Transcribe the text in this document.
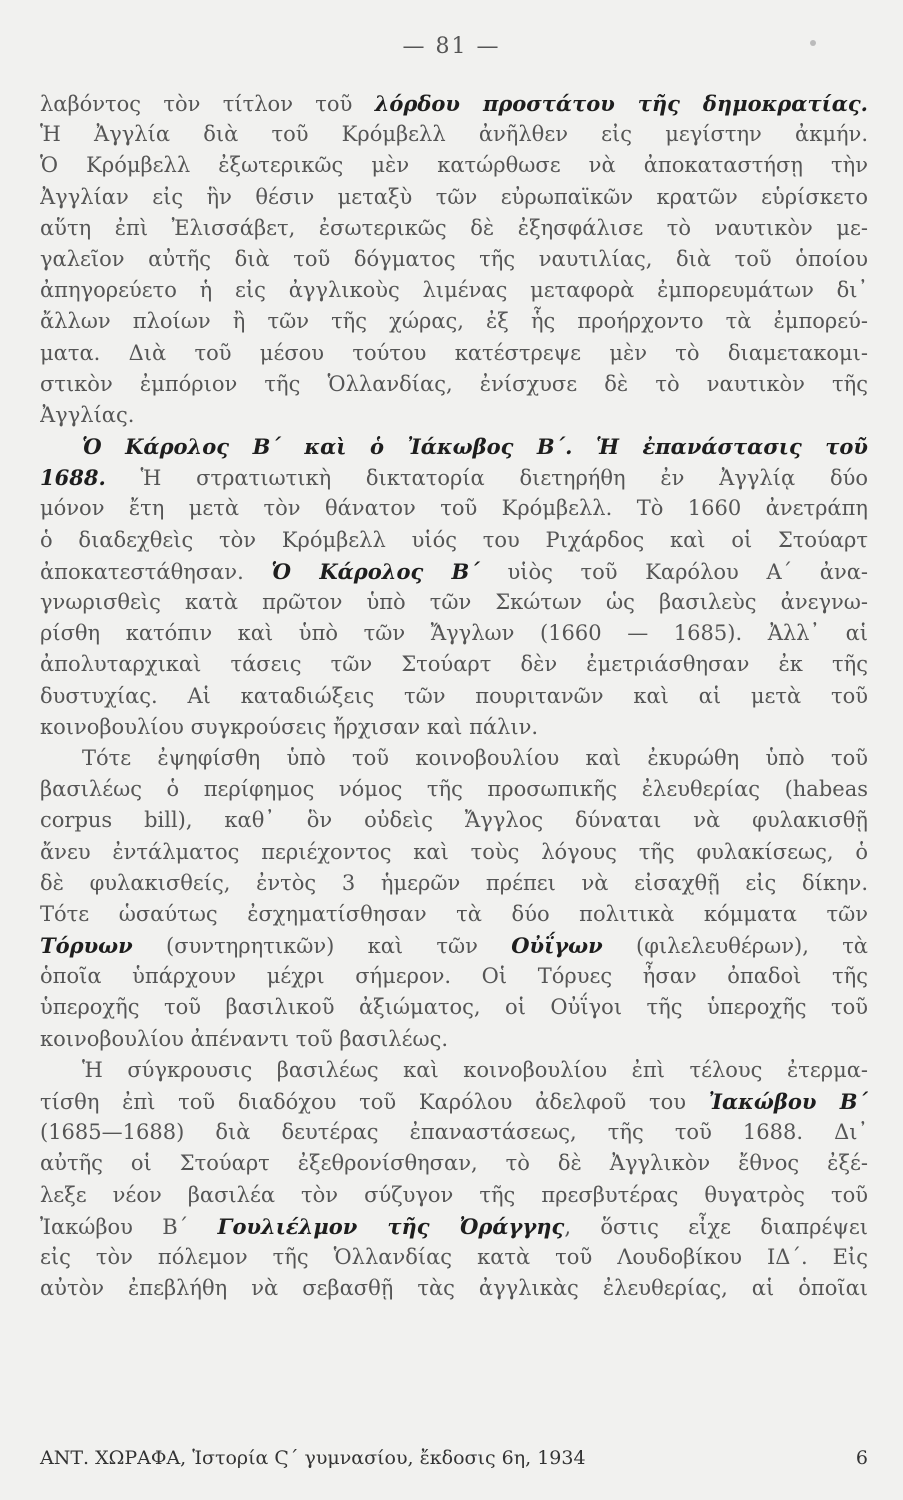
— 81 —
λαβόντος τὸν τίτλον τοῦ λόρδου προστάτου τῆς δημοκρατίας.
Ἡ Ἀγγλία διὰ τοῦ Κρόμβελλ ἀνῆλθεν εἰς μεγίστην ἀκμήν.
Ὁ Κρόμβελλ ἐξωτερικῶς μὲν κατώρθωσε νὰ ἀποκαταστήσῃ τὴν
Ἀγγλίαν εἰς ἣν θέσιν μεταξὺ τῶν εὐρωπαϊκῶν κρατῶν εὑρίσκετο
αὕτη ἐπὶ Ἐλισσάβετ, ἐσωτερικῶς δὲ ἐξησφάλισε τὸ ναυτικὸν με-
γαλεῖον αὐτῆς διὰ τοῦ δόγματος τῆς ναυτιλίας, διὰ τοῦ ὁποίου
ἀπηγορεύετο ἡ εἰς ἀγγλικοὺς λιμένας μεταφορὰ ἐμπορευμάτων δι᾽
ἄλλων πλοίων ἢ τῶν τῆς χώρας, ἐξ ἧς προήρχοντο τὰ ἐμπορεύ-
ματα. Διὰ τοῦ μέσου τούτου κατέστρεψε μὲν τὸ διαμετακομι-
στικὸν ἐμπόριον τῆς Ὁλλανδίας, ἐνίσχυσε δὲ τὸ ναυτικὸν τῆς
Ἀγγλίας.
Ὁ Κάρολος Β΄ καὶ ὁ Ἰάκωβος Β΄. Ἡ ἐπανάστασις τοῦ
1688. Ἡ στρατιωτικὴ δικτατορία διετηρήθη ἐν Ἀγγλίᾳ δύο
μόνον ἔτη μετὰ τὸν θάνατον τοῦ Κρόμβελλ. Τὸ 1660 ἀνετράπη
ὁ διαδεχθεὶς τὸν Κρόμβελλ υἱός του Ριχάρδος καὶ οἱ Στούαρτ
ἀποκατεστάθησαν. Ὁ Κάρολος Β΄ υἱὸς τοῦ Καρόλου Α΄ ἀνα-
γνωρισθεὶς κατὰ πρῶτον ὑπὸ τῶν Σκώτων ὡς βασιλεὺς ἀνεγνω-
ρίσθη κατόπιν καὶ ὑπὸ τῶν Ἄγγλων (1660 — 1685). Ἀλλ᾽ αἱ
ἀπολυταρχικαὶ τάσεις τῶν Στούαρτ δὲν ἐμετριάσθησαν ἐκ τῆς
δυστυχίας. Αἱ καταδιώξεις τῶν πουριτανῶν καὶ αἱ μετὰ τοῦ
κοινοβουλίου συγκρούσεις ἤρχισαν καὶ πάλιν.
Τότε ἐψηφίσθη ὑπὸ τοῦ κοινοβουλίου καὶ ἐκυρώθη ὑπὸ τοῦ
βασιλέως ὁ περίφημος νόμος τῆς προσωπικῆς ἐλευθερίας (habeas
corpus bill), καθ᾽ ὃν οὐδεὶς Ἄγγλος δύναται νὰ φυλακισθῇ
ἄνευ ἐντάλματος περιέχοντος καὶ τοὺς λόγους τῆς φυλακίσεως, ὁ
δὲ φυλακισθείς, ἐντὸς 3 ἡμερῶν πρέπει νὰ εἰσαχθῇ εἰς δίκην.
Τότε ὡσαύτως ἐσχηματίσθησαν τὰ δύο πολιτικὰ κόμματα τῶν
Τόρυων (συντηρητικῶν) καὶ τῶν Οὐΐγων (φιλελευθέρων), τὰ
ὁποῖα ὑπάρχουν μέχρι σήμερον. Οἱ Τόρυες ἦσαν ὀπαδοὶ τῆς
ὑπεροχῆς τοῦ βασιλικοῦ ἀξιώματος, οἱ Οὐΐγοι τῆς ὑπεροχῆς τοῦ
κοινοβουλίου ἀπέναντι τοῦ βασιλέως.
Ἡ σύγκρουσις βασιλέως καὶ κοινοβουλίου ἐπὶ τέλους ἐτερμα-
τίσθη ἐπὶ τοῦ διαδόχου τοῦ Καρόλου ἀδελφοῦ του Ἰακώβου Β΄
(1685—1688) διὰ δευτέρας ἐπαναστάσεως, τῆς τοῦ 1688. Δι᾽
αὐτῆς οἱ Στούαρτ ἐξεθρονίσθησαν, τὸ δὲ Ἀγγλικὸν ἔθνος ἐξέ-
λεξε νέον βασιλέα τὸν σύζυγον τῆς πρεσβυτέρας θυγατρὸς τοῦ
Ἰακώβου Β΄ Γουλιέλμον τῆς Ὀράγγης, ὅστις εἶχε διαπρέψει
εἰς τὸν πόλεμον τῆς Ὁλλανδίας κατὰ τοῦ Λουδοβίκου ΙΔ΄. Εἰς
αὐτὸν ἐπεβλήθη νὰ σεβασθῇ τὰς ἀγγλικὰς ἐλευθερίας, αἱ ὁποῖαι
ΑΝΤ. ΧΩΡΑΦΑ, Ἱστορία Ϛ΄ γυμνασίου, ἔκδοσις 6η, 1934	6
